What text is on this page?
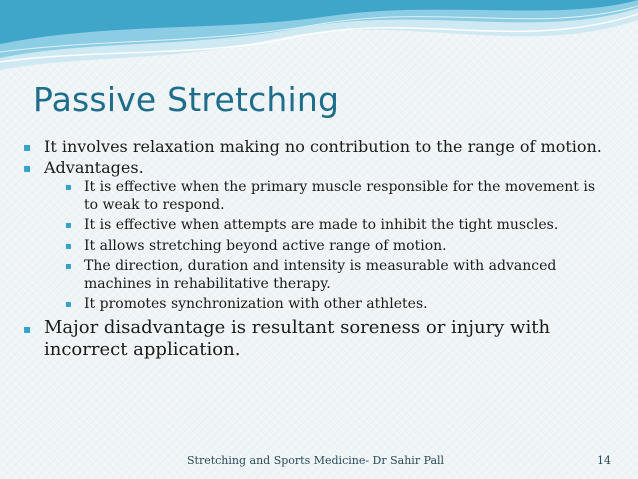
Passive Stretching
▪ It involves relaxation making no contribution to the range of motion.
▪ Advantages.
▪ It is effective when the primary muscle responsible for the movement is to weak to respond.
▪ It is effective when attempts are made to inhibit the tight muscles.
▪ It allows stretching beyond active range of motion.
▪ The direction, duration and intensity is measurable with advanced machines in rehabilitative therapy.
▪ It promotes synchronization with other athletes.
▪ Major disadvantage is resultant soreness or injury with incorrect application.
Stretching and Sports Medicine- Dr Sahir Pall	14
